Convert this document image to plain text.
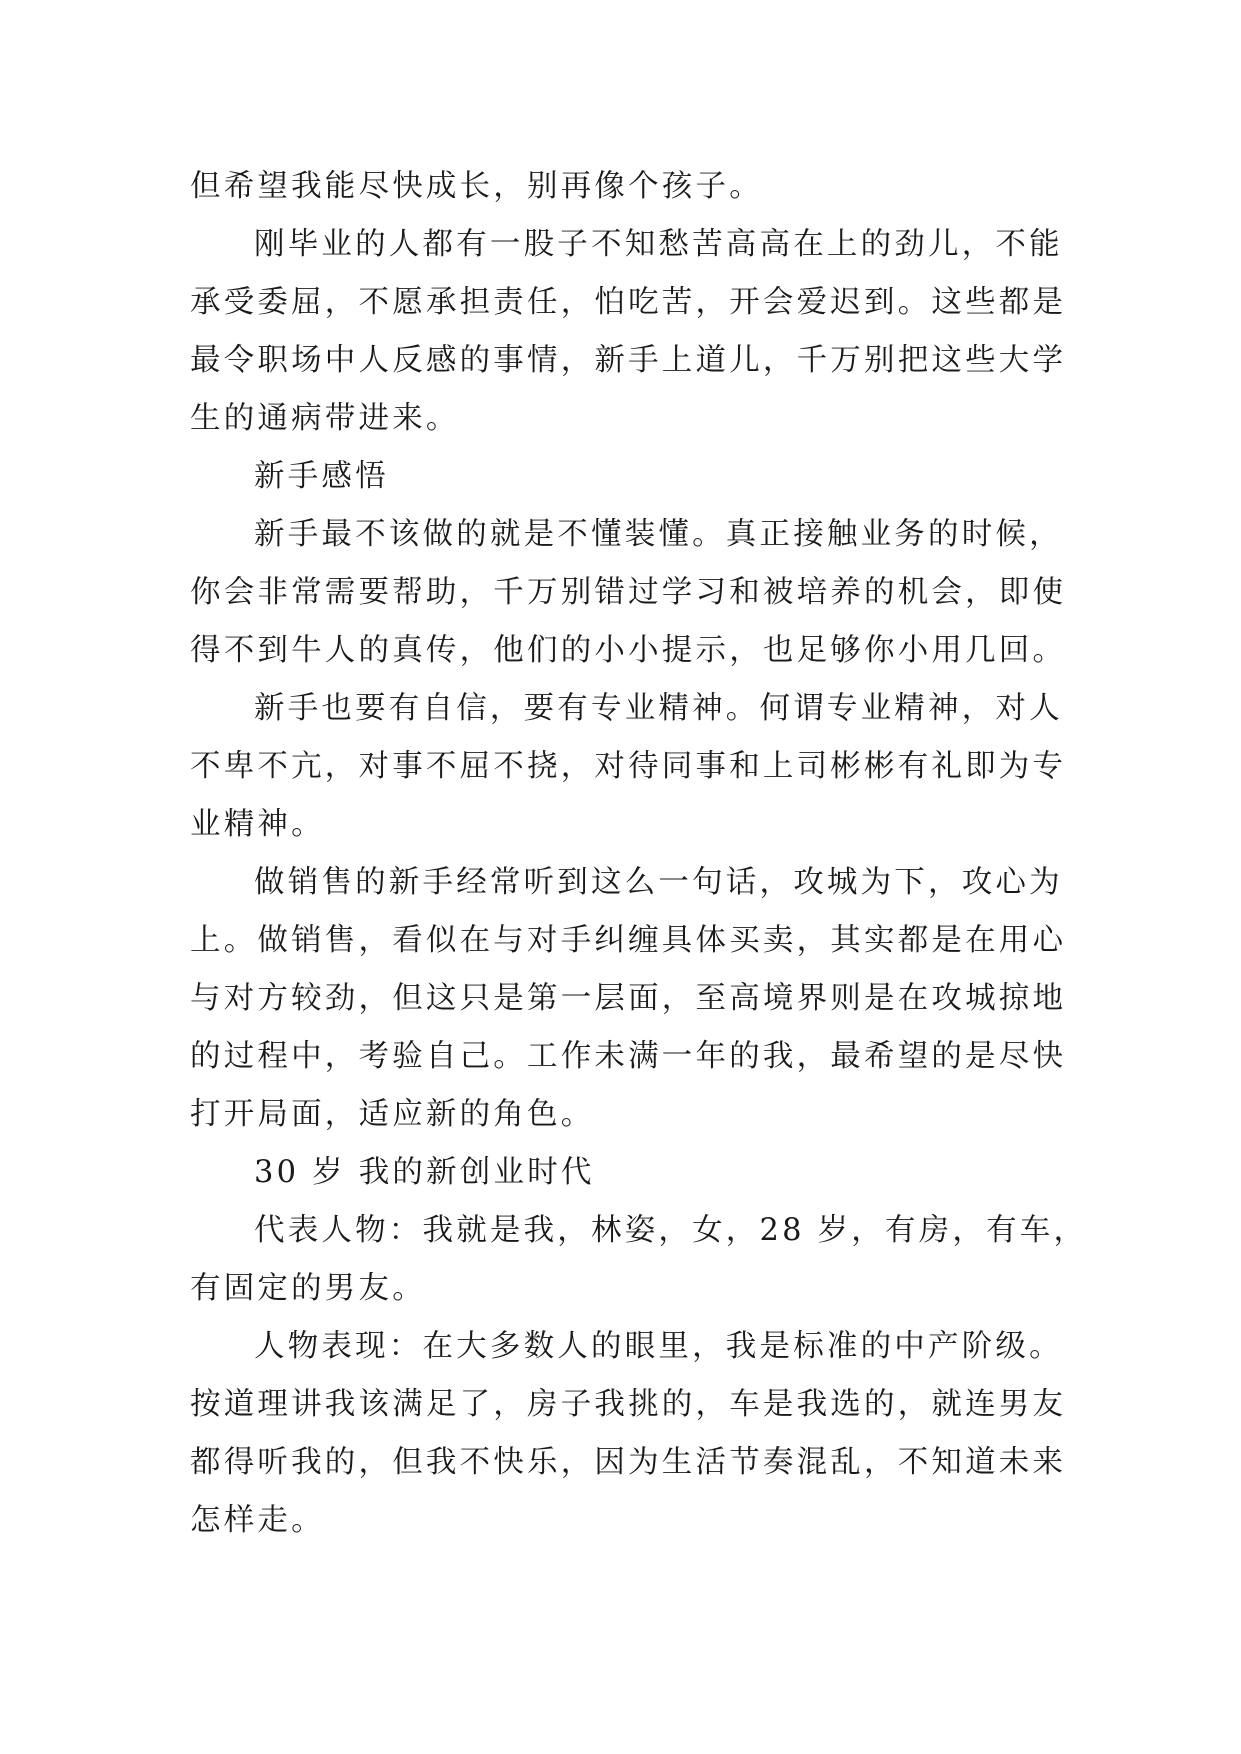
但希望我能尽快成长，别再像个孩子。
刚毕业的人都有一股子不知愁苦高高在上的劲儿，不能
承受委屈，不愿承担责任，怕吃苦，开会爱迟到。这些都是
最令职场中人反感的事情，新手上道儿，千万别把这些大学
生的通病带进来。
新手感悟
新手最不该做的就是不懂装懂。真正接触业务的时候，
你会非常需要帮助，千万别错过学习和被培养的机会，即使
得不到牛人的真传，他们的小小提示，也足够你小用几回。
新手也要有自信，要有专业精神。何谓专业精神，对人
不卑不亢，对事不屈不挠，对待同事和上司彬彬有礼即为专
业精神。
做销售的新手经常听到这么一句话，攻城为下，攻心为
上。做销售，看似在与对手纠缠具体买卖，其实都是在用心
与对方较劲，但这只是第一层面，至高境界则是在攻城掠地
的过程中，考验自己。工作未满一年的我，最希望的是尽快
打开局面，适应新的角色。
30 岁 我的新创业时代
代表人物：我就是我，林姿，女，28 岁，有房，有车，
有固定的男友。
人物表现：在大多数人的眼里，我是标准的中产阶级。
按道理讲我该满足了，房子我挑的，车是我选的，就连男友
都得听我的，但我不快乐，因为生活节奏混乱，不知道未来
怎样走。
